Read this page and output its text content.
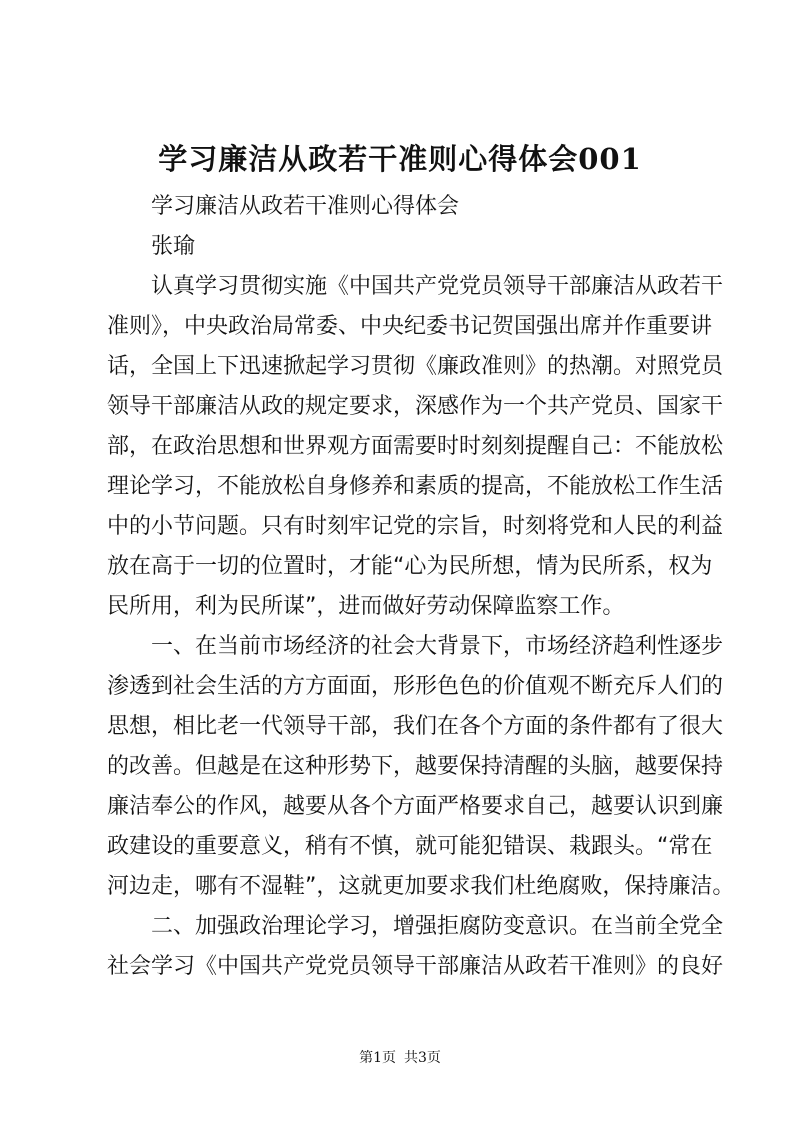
学习廉洁从政若干准则心得体会001

学习廉洁从政若干准则心得体会

张瑜

认真学习贯彻实施《中国共产党党员领导干部廉洁从政若干

准则》，中央政治局常委、中央纪委书记贺国强出席并作重要讲

话，全国上下迅速掀起学习贯彻《廉政准则》的热潮。对照党员

领导干部廉洁从政的规定要求，深感作为一个共产党员、国家干

部，在政治思想和世界观方面需要时时刻刻提醒自己：不能放松

理论学习，不能放松自身修养和素质的提高，不能放松工作生活

中的小节问题。只有时刻牢记党的宗旨，时刻将党和人民的利益

放在高于一切的位置时，才能“心为民所想，情为民所系，权为

民所用，利为民所谋”，进而做好劳动保障监察工作。

一、在当前市场经济的社会大背景下，市场经济趋利性逐步

渗透到社会生活的方方面面，形形色色的价值观不断充斥人们的

思想，相比老一代领导干部，我们在各个方面的条件都有了很大

的改善。但越是在这种形势下，越要保持清醒的头脑，越要保持

廉洁奉公的作风，越要从各个方面严格要求自己，越要认识到廉

政建设的重要意义，稍有不慎，就可能犯错误、栽跟头。“常在

河边走，哪有不湿鞋”，这就更加要求我们杜绝腐败，保持廉洁。

二、加强政治理论学习，增强拒腐防变意识。在当前全党全

社会学习《中国共产党党员领导干部廉洁从政若干准则》的良好

第1页 共3页
